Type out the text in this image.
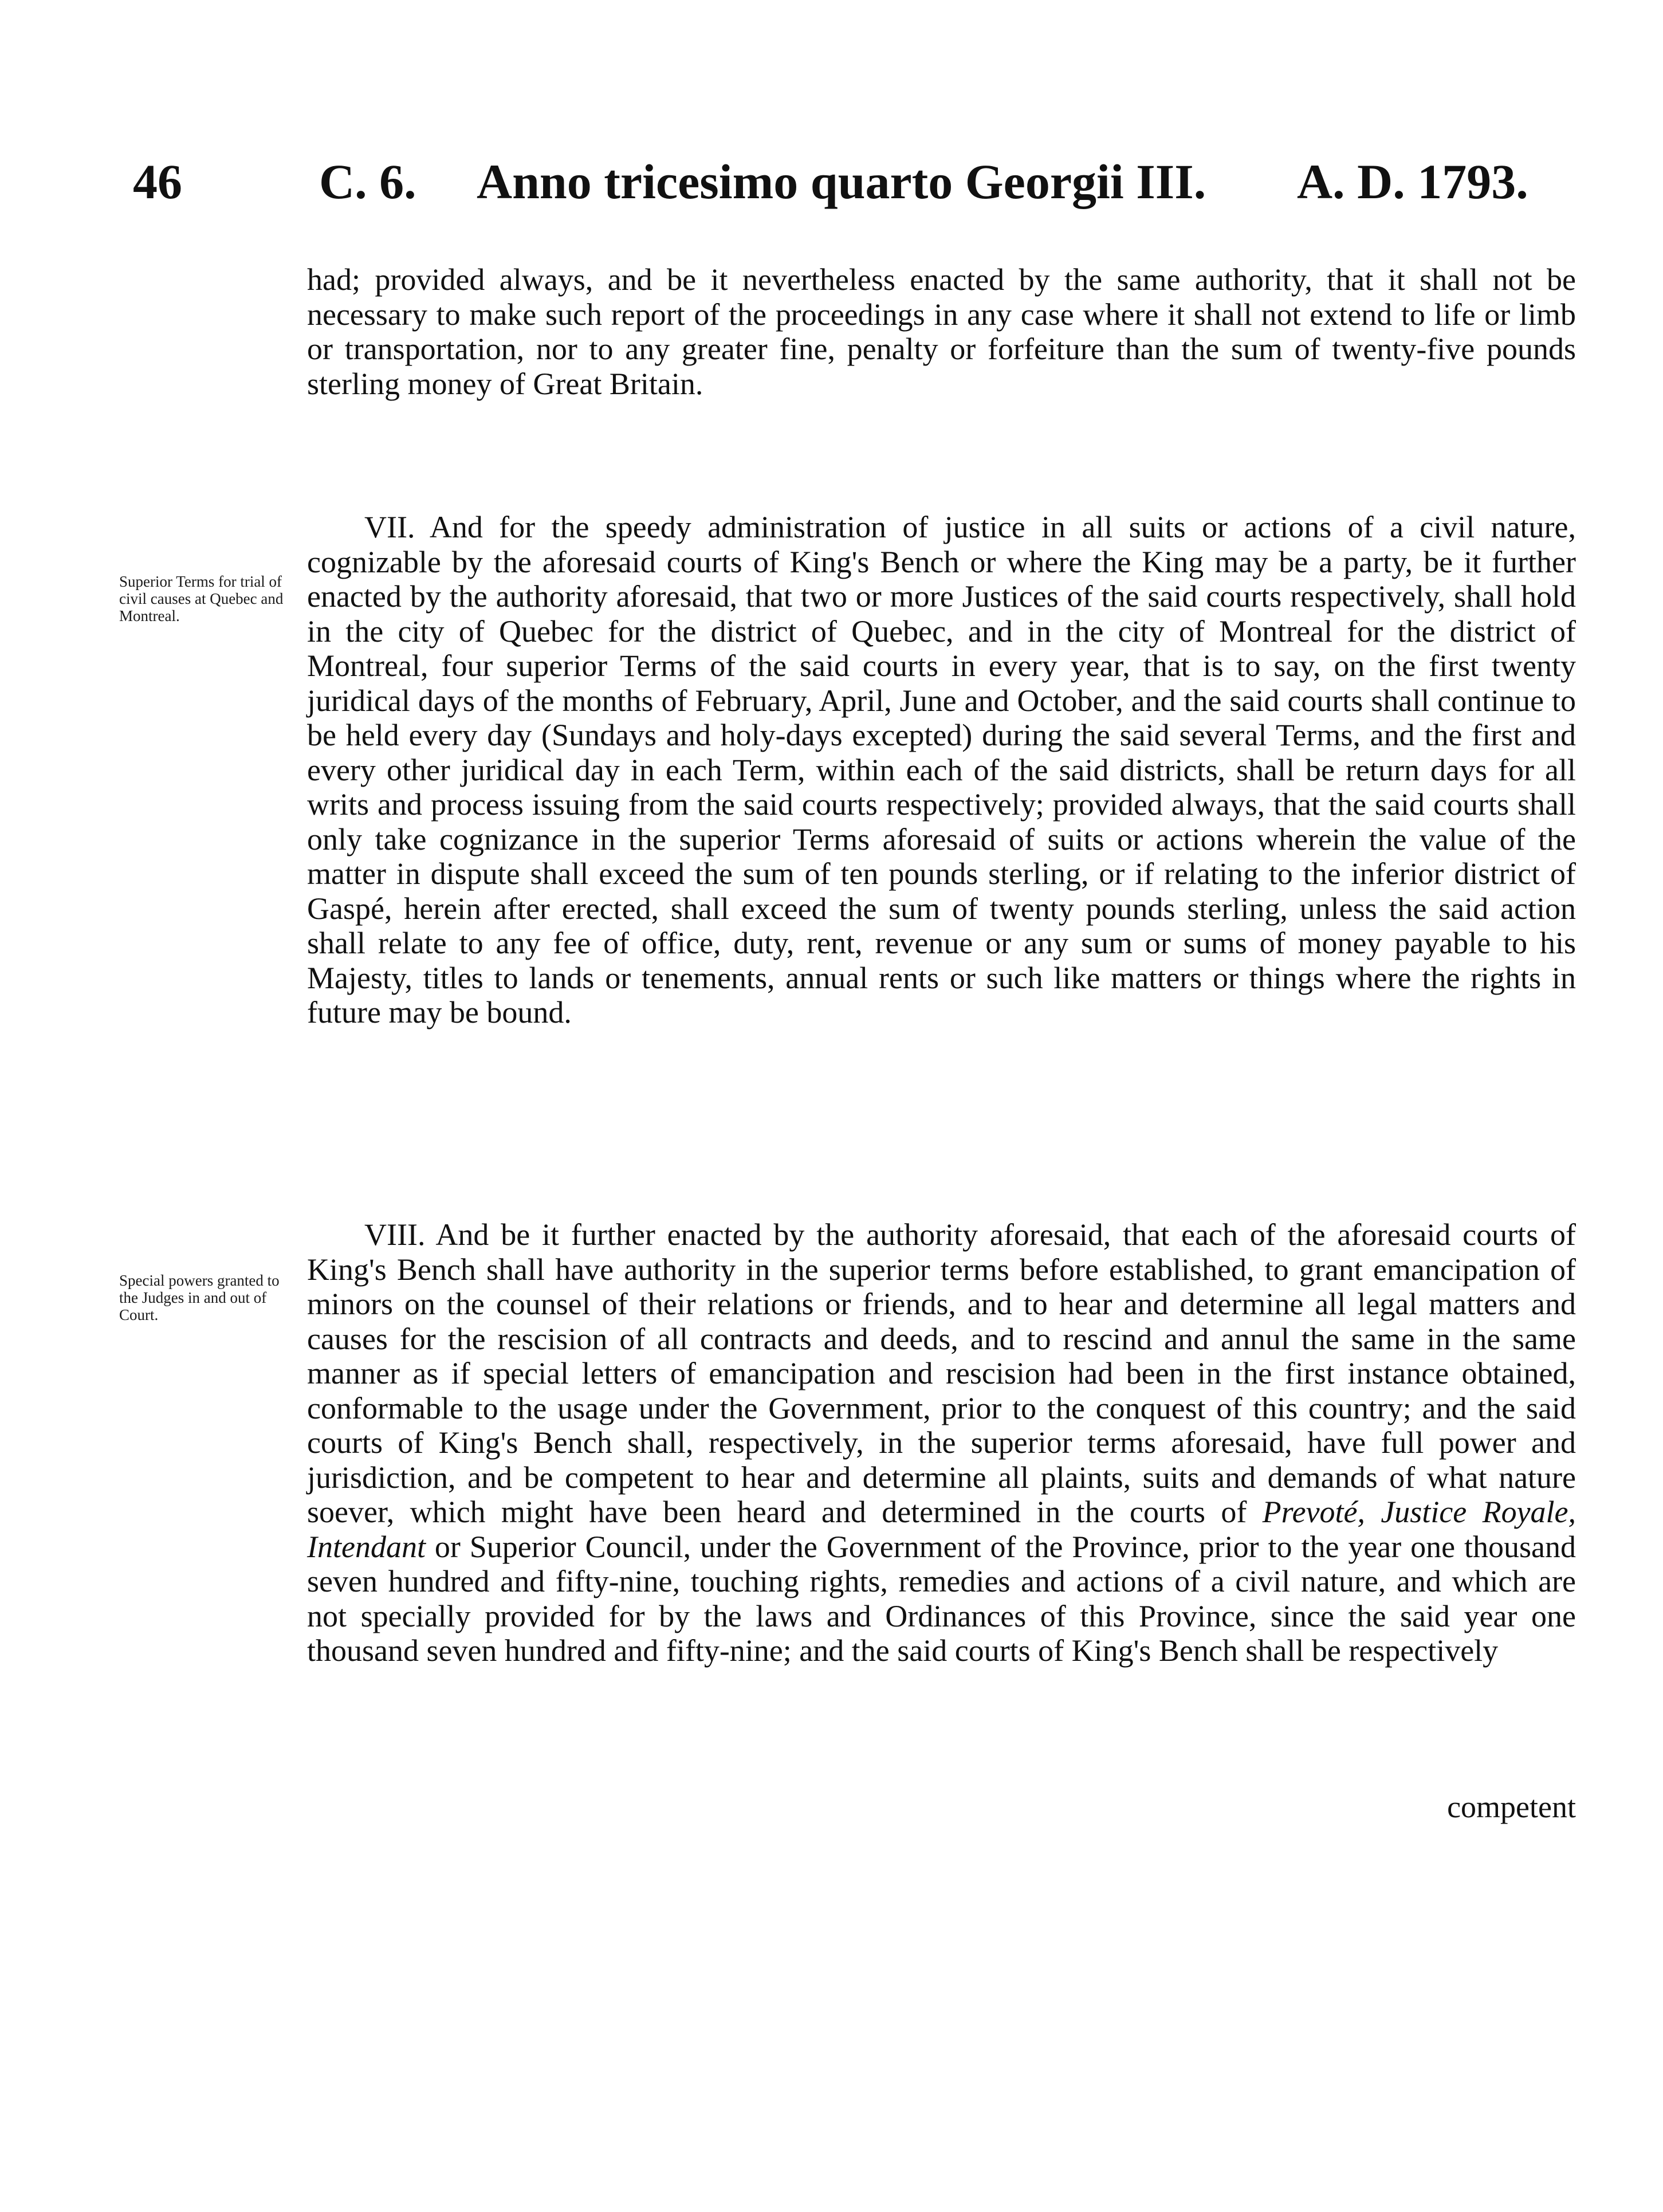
46	C. 6. Anno tricesimo quarto Georgii III. A. D. 1793.

had; provided always, and be it nevertheless enacted by the same authority, that it shall not be necessary to make such report of the proceedings in any case where it shall not extend to life or limb or transportation, nor to any greater fine, penalty or forfeiture than the sum of twenty-five pounds sterling money of Great Britain.

Superior Terms for trial of civil causes at Quebec and Montreal.

VII. And for the speedy administration of justice in all suits or actions of a civil nature, cognizable by the aforesaid courts of King's Bench or where the King may be a party, be it further enacted by the authority aforesaid, that two or more Justices of the said courts respectively, shall hold in the city of Quebec for the district of Quebec, and in the city of Montreal for the district of Montreal, four superior Terms of the said courts in every year, that is to say, on the first twenty juridical days of the months of February, April, June and October, and the said courts shall continue to be held every day (Sundays and holy-days excepted) during the said several Terms, and the first and every other juridical day in each Term, within each of the said districts, shall be return days for all writs and process issuing from the said courts respectively; provided always, that the said courts shall only take cognizance in the superior Terms aforesaid of suits or actions wherein the value of the matter in dispute shall exceed the sum of ten pounds sterling, or if relating to the inferior district of Gaspé, herein after erected, shall exceed the sum of twenty pounds sterling, unless the said action shall relate to any fee of office, duty, rent, revenue or any sum or sums of money payable to his Majesty, titles to lands or tenements, annual rents or such like matters or things where the rights in future may be bound.

Special powers granted to the Judges in and out of Court.

VIII. And be it further enacted by the authority aforesaid, that each of the aforesaid courts of King's Bench shall have authority in the superior terms before established, to grant emancipation of minors on the counsel of their relations or friends, and to hear and determine all legal matters and causes for the rescision of all contracts and deeds, and to rescind and annul the same in the same manner as if special letters of emancipation and rescision had been in the first instance obtained, conformable to the usage under the Government, prior to the conquest of this country; and the said courts of King's Bench shall, respectively, in the superior terms aforesaid, have full power and jurisdiction, and be competent to hear and determine all plaints, suits and demands of what nature soever, which might have been heard and determined in the courts of Prevoté, Justice Royale, Intendant or Superior Council, under the Government of the Province, prior to the year one thousand seven hundred and fifty-nine, touching rights, remedies and actions of a civil nature, and which are not specially provided for by the laws and Ordinances of this Province, since the said year one thousand seven hundred and fifty-nine; and the said courts of King's Bench shall be respectively

competent
